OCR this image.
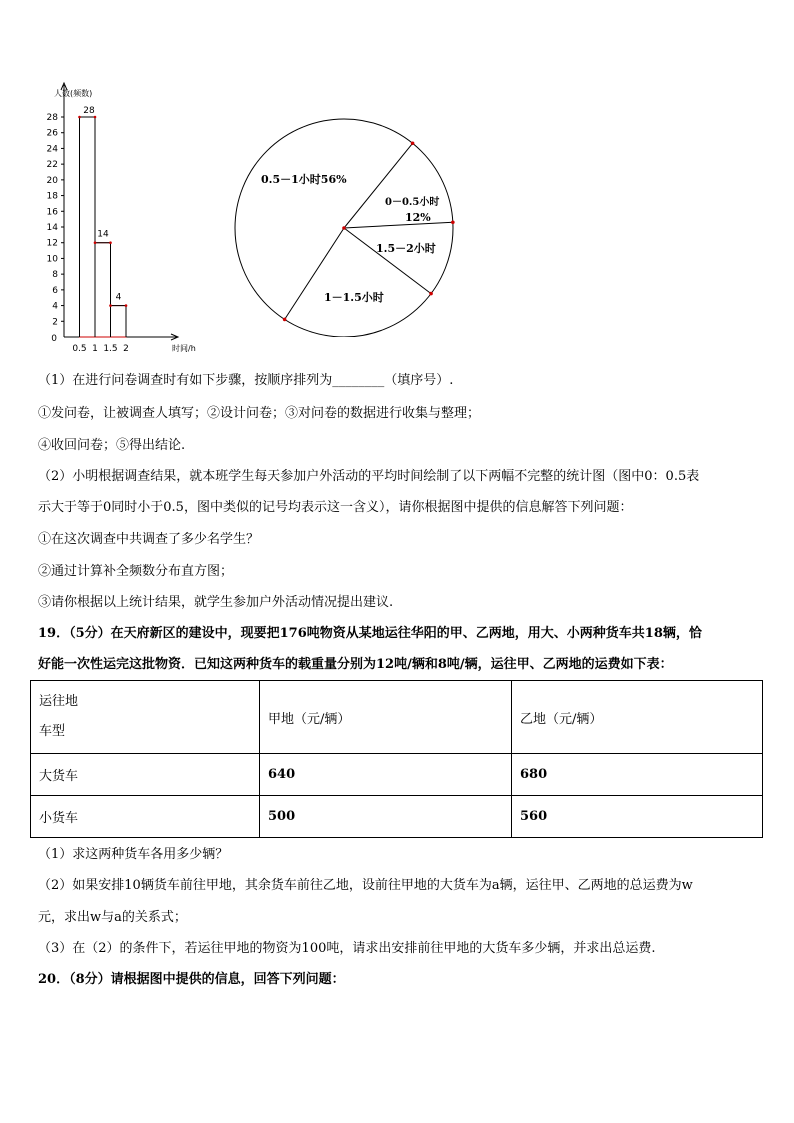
人数(频数)
2
4
6
8
10
12
14
16
18
20
22
24
26
28
0
0.5 1 1.5 2	时间/h
28
14
4
0.5－1小时56%
0－0.5小时
12%
1.5－2小时
1－1.5小时
（1）在进行问卷调查时有如下步骤，按顺序排列为________（填序号）.
①发问卷，让被调查人填写；②设计问卷；③对问卷的数据进行收集与整理；
④收回问卷；⑤得出结论.
（2）小明根据调查结果，就本班学生每天参加户外活动的平均时间绘制了以下两幅不完整的统计图（图中0：0.5表
示大于等于0同时小于0.5，图中类似的记号均表示这一含义），请你根据图中提供的信息解答下列问题：
①在这次调查中共调查了多少名学生？
②通过计算补全频数分布直方图；
③请你根据以上统计结果，就学生参加户外活动情况提出建议.
19．（5分）在天府新区的建设中，现要把176吨物资从某地运往华阳的甲、乙两地，用大、小两种货车共18辆，恰
好能一次性运完这批物资．已知这两种货车的载重量分别为12吨/辆和8吨/辆，运往甲、乙两地的运费如下表：
运往地
车型	甲地（元/辆）	乙地（元/辆）
大货车	640	680
小货车	500	560
（1）求这两种货车各用多少辆？
（2）如果安排10辆货车前往甲地，其余货车前往乙地，设前往甲地的大货车为a辆，运往甲、乙两地的总运费为w
元，求出w与a的关系式；
（3）在（2）的条件下，若运往甲地的物资为100吨，请求出安排前往甲地的大货车多少辆，并求出总运费.
20．（8分）请根据图中提供的信息，回答下列问题：
